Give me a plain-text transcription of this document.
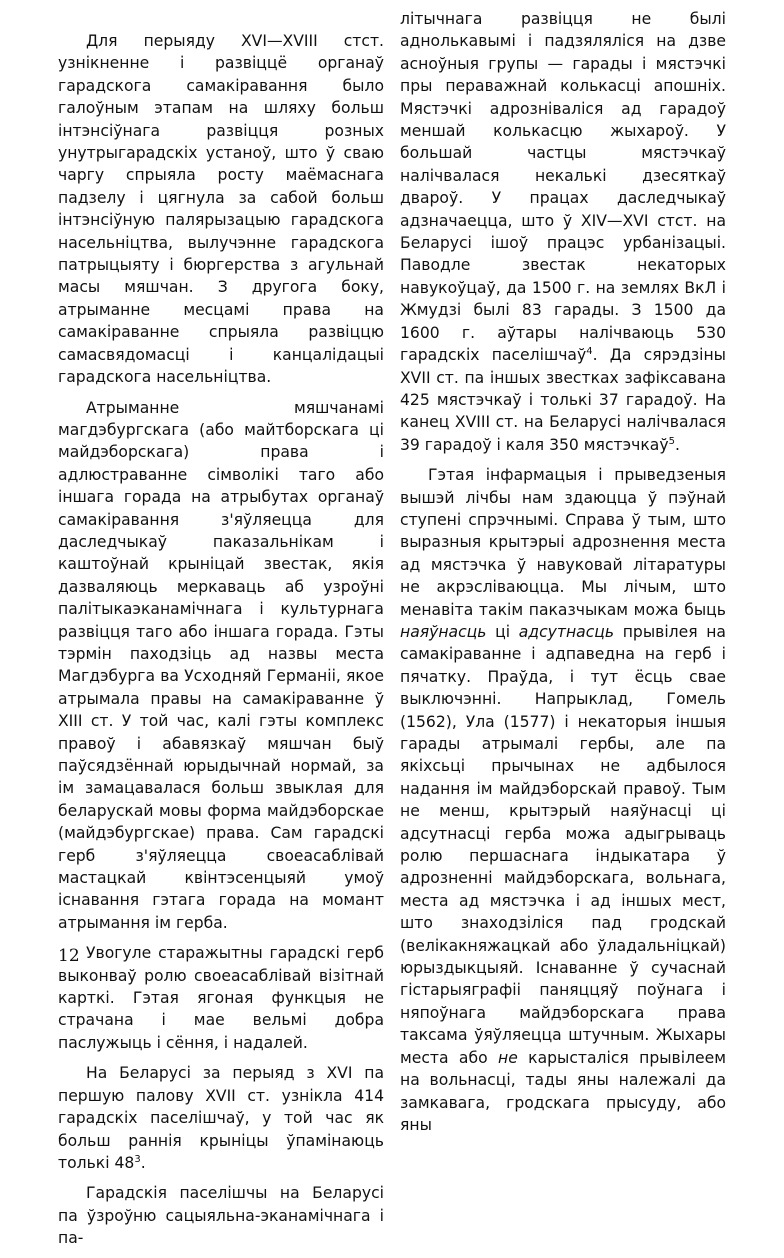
Для перыяду XVI—XVIII стст. узнікненне і развіццё органаў гарадскога самакіравання было галоўным этапам на шляху больш інтэнсіўнага развіцця розных унутрыгарадскіх устаноў, што ў сваю чаргу спрыяла росту маёмаснага падзелу і цягнула за сабой больш інтэнсіўную палярызацыю гарадскога насельніцтва, вылучэнне гарадскога патрыцыяту і бюргерства з агульнай масы мяшчан. З другога боку, атрыманне месцамі права на самакіраванне спрыяла развіццю самасвядомасці і канцалідацыі гарадскога насельніцтва.

Атрыманне мяшчанамі магдэбургскага (або майтборскага ці майдэборскага) права і адлюстраванне сімволікі таго або іншага горада на атрыбутах органаў самакіравання з'яўляецца для даследчыкаў паказальнікам і каштоўнай крыніцай звестак, якія дазваляюць меркаваць аб узроўні палітыкаэканамічнага і культурнага развіцця таго або іншага горада. Гэты тэрмін паходзіць ад назвы места Магдэбурга ва Усходняй Германіі, якое атрымала правы на самакіраванне ў XIII ст. У той час, калі гэты комплекс правоў і абавязкаў мяшчан быў паўсядзённай юрыдычнай нормай, за ім замацавалася больш звыклая для беларускай мовы форма майдэборскае (майдэбургскае) права. Сам гарадскі герб з'яўляецца своеасаблівай мастацкай квінтэсенцыяй умоў існавання гэтага горада на момант атрымання ім герба.

Увогуле старажытны гарадскі герб выконваў ролю своеасаблівай візітнай карткі. Гэтая ягоная функцыя не страчана і мае вельмі добра паслужыць і сёння, і надалей.

На Беларусі за перыяд з XVI па першую палову XVII ст. узнікла 414 гарадскіх паселішчаў, у той час як больш раннія крыніцы ўпамінаюць толькі $48^3$.

Гарадскія паселішчы на Беларусі па ўзроўню сацыяльна-эканамічнага і па-

літычнага развіцця не былі аднолькавымі і падзяляліся на дзве асноўныя групы — гарады і мястэчкі пры пераважнай колькасці апошніх. Мястэчкі адрозніваліся ад гарадоў меншай колькасцю жыхароў. У большай частцы мястэчкаў налічвалася некалькі дзесяткаў двароў. У працах даследчыкаў адзначаецца, што ў XIV—XVI стст. на Беларусі ішоў працэс урбанізацыі. Паводле звестак некаторых навукоўцаў, да 1500 г. на землях ВкЛ і Жмудзі былі 83 гарады. З 1500 да 1600 г. аўтары налічваюць 530 гарадскіх паселішчаў$^4$. Да сярэдзіны XVII ст. па іншых звестках зафіксавана 425 мястэчкаў і толькі 37 гарадоў. На канец XVIII ст. на Беларусі налічвалася 39 гарадоў і каля 350 мястэчкаў$^5$.

Гэтая інфармацыя і прыведзеныя вышэй лічбы нам здаюцца ў пэўнай ступені спрэчнымі. Справа ў тым, што выразныя крытэрыі адрознення места ад мястэчка ў навуковай літаратуры не акрэсліваюцца. Мы лічым, што менавіта такім паказчыкам можа быць наяўнасць ці адсутнасць прывілея на самакіраванне і адпаведна на герб і пячатку. Праўда, і тут ёсць свае выключэнні. Напрыклад, Гомель (1562), Ула (1577) і некаторыя іншыя гарады атрымалі гербы, але па якіхсьці прычынах не адбылося надання ім майдэборскай правоў. Тым не менш, крытэрый наяўнасці ці адсутнасці герба можа адыгрываць ролю першаснага індыкатара ў адрозненні майдэборскага, вольнага, места ад мястэчка і ад іншых мест, што знаходзіліся пад гродскай (велікакняжацкай або ўладальніцкай) юрыздыкцыяй. Існаванне ў сучаснай гістарыяграфіі паняццяў поўнага і няпоўнага майдэборскага права таксама ўяўляецца штучным. Жыхары места або не карысталіся прывілеем на вольнасці, тады яны належалі да замкавага, гродскага прысуду, або яны

12
